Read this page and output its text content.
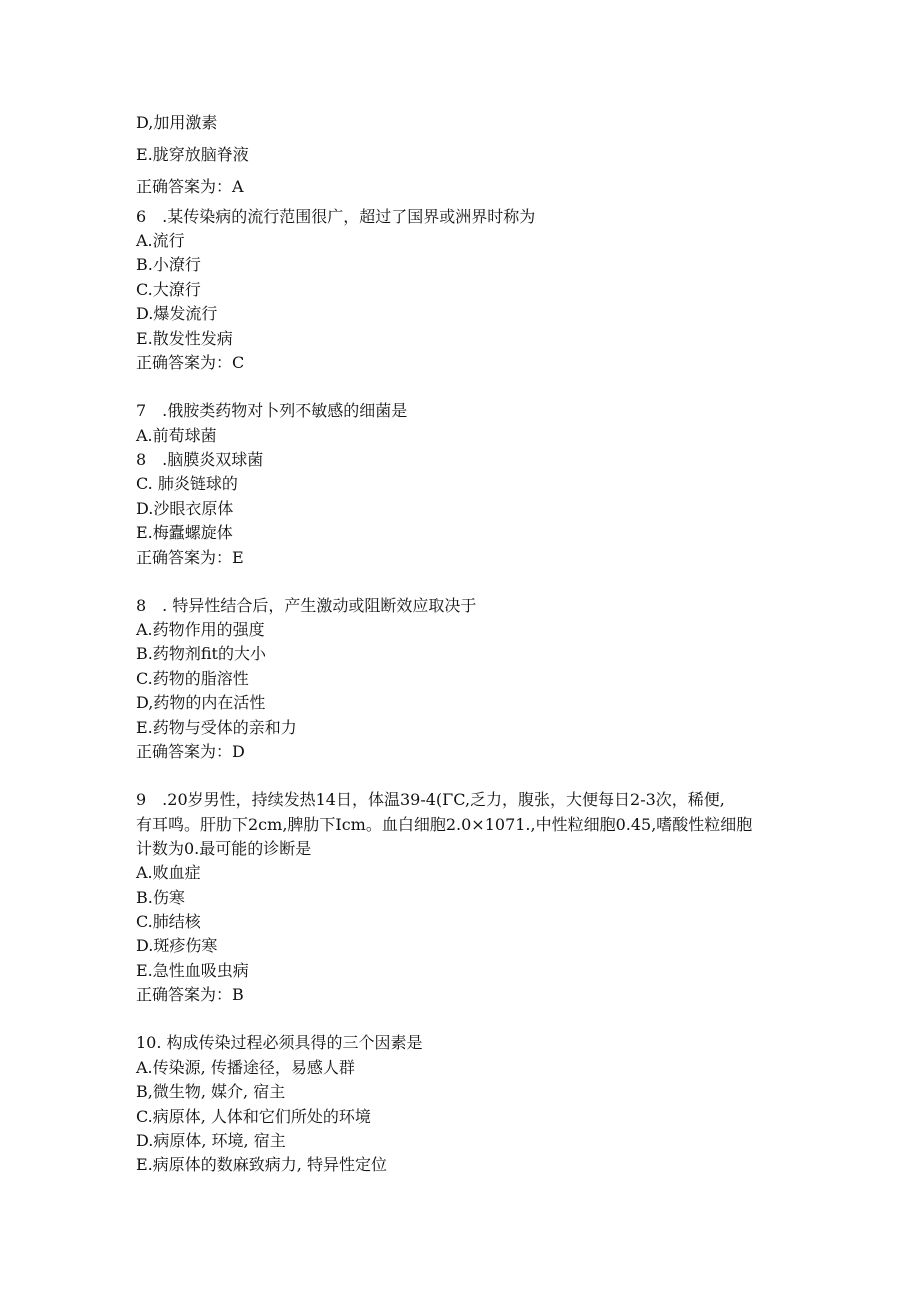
D,加用激素
E.胧穿放脑脊液
正确答案为：A
6　.某传染病的流行范围很广，超过了国界或洲界时称为
A.流行
B.小潦行
C.大潦行
D.爆发流行
E.散发性发病
正确答案为：C
7　.俄胺类药物对卜列不敏感的细菌是
A.前荀球菌
8　.脑膜炎双球菌
C. 肺炎链球的
D.沙眼衣原体
E.梅蠹螺旋体
正确答案为：E
8　. 特异性结合后，产生激动或阻断效应取决于
A.药物作用的强度
B.药物剂fit的大小
C.药物的脂溶性
D,药物的内在活性
E.药物与受体的亲和力
正确答案为：D
9　.20岁男性，持续发热14日，体温39-4(ΓC,乏力，腹张，大便每日2-3次，稀便,
有耳鸣。肝肋下2cm,脾肋下Icm。血白细胞2.0×1071.,中性粒细胞0.45,嗜酸性粒细胞
计数为0.最可能的诊断是
A.败血症
B.伤寒
C.肺结核
D.斑疹伤寒
E.急性血吸虫病
正确答案为：B
10. 构成传染过程必须具得的三个因素是
A.传染源, 传播途径，易感人群
B,微生物, 媒介, 宿主
C.病原体, 人体和它们所处的环境
D.病原体, 环境, 宿主
E.病原体的数麻致病力, 特异性定位
